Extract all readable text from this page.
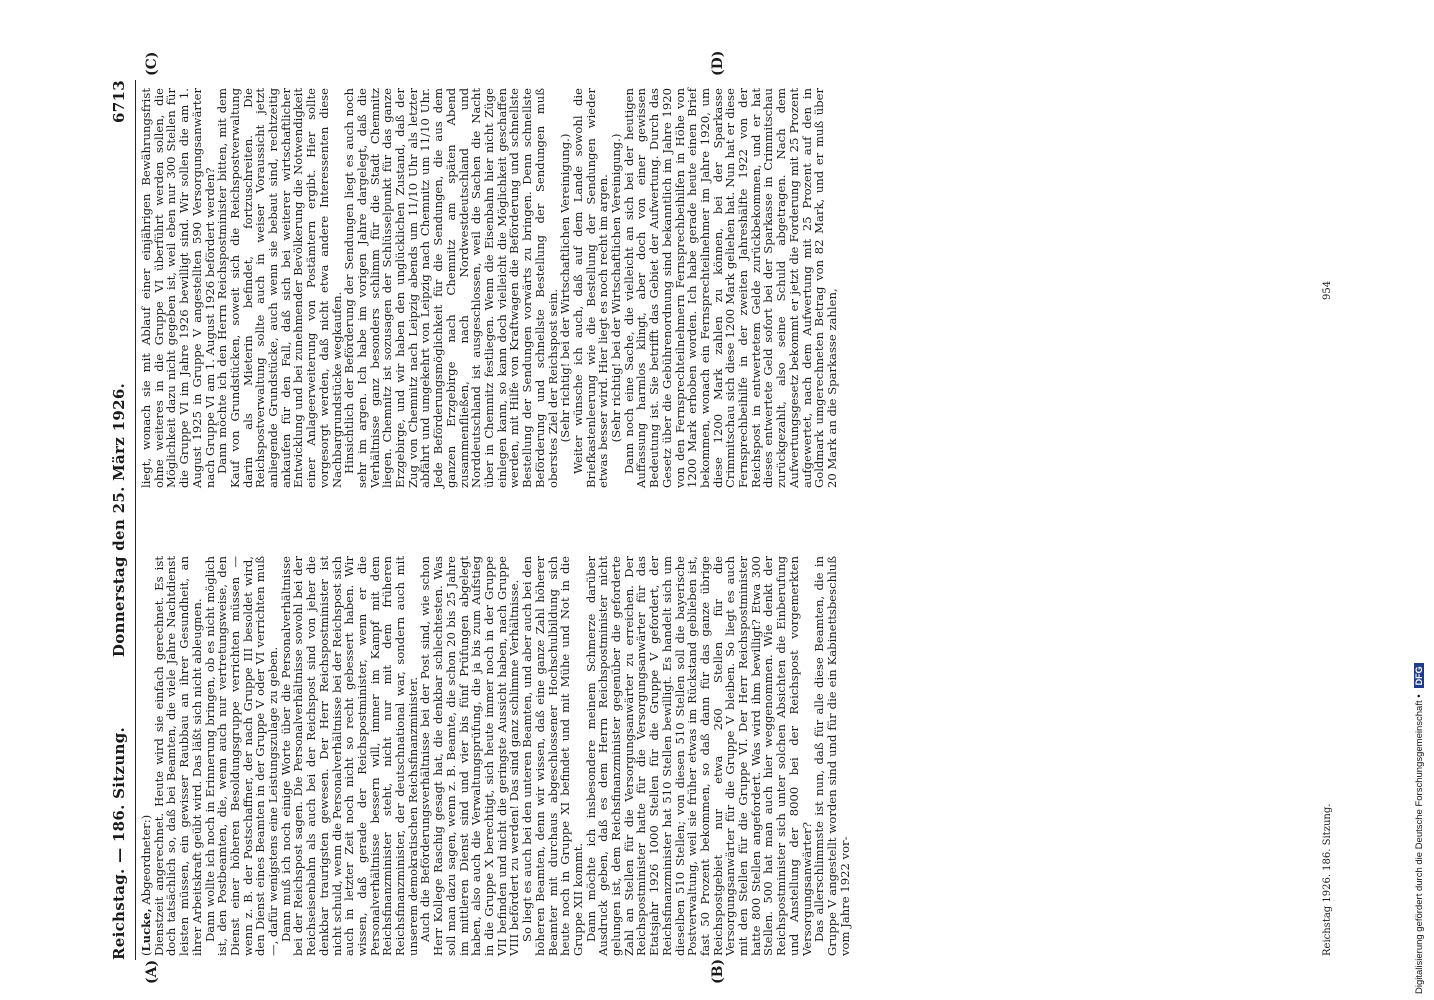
Reichstag. — 186. Sitzung.
Donnerstag den 25. März 1926.
6713
(A)	(B)
(C)	(D)

(Lucke, Abgeordneter:)

Dienstzeit angerechnet. Heute wird sie einfach gerechnet. Es ist doch tatsächlich so, daß bei Beamten, die viele Jahre Nachtdienst leisten müssen, ein gewisser Raubbau an ihrer Gesundheit, an ihrer Arbeitskraft geübt wird. Das läßt sich nicht ableugnen.

Dann wollte ich noch in Erinnerung bringen, ob es nicht möglich ist, den Postbeamten, die, wenn auch nur vertretungsweise, den Dienst einer höheren Besoldungsgruppe verrichten müssen — wenn z. B. der Postschaffner, der nach Gruppe III besoldet wird, den Dienst eines Beamten in der Gruppe V oder VI verrichten muß —, dafür wenigstens eine Leistungszulage zu geben.

Dann muß ich noch einige Worte über die Personalverhältnisse bei der Reichspost sagen. Die Personalverhältnisse sowohl bei der Reichseisenbahn als auch bei der Reichspost sind von jeher die denkbar traurigsten gewesen. Der Herr Reichspostminister ist nicht schuld, wenn die Personalverhältnisse bei der Reichspost sich auch in letzter Zeit noch nicht so recht gebessert haben. Wir wissen, daß gerade der Reichspostminister, wenn er die Personalverhältnisse bessern will, immer im Kampf mit dem Reichsfinanzminister steht, nicht nur mit dem früheren Reichsfinanzminister, der deutschnational war, sondern auch mit unserem demokratischen Reichsfinanzminister.

Auch die Beförderungsverhältnisse bei der Post sind, wie schon Herr Kollege Raschig gesagt hat, die denkbar schlechtesten. Was soll man dazu sagen, wenn z. B. Beamte, die schon 20 bis 25 Jahre im mittleren Dienst sind und vier bis fünf Prüfungen abgelegt haben, also auch die Verwaltungsprüfung, die ja bis zum Aufstieg in die Gruppe X berechtigt, sich heute immer noch in der Gruppe VII befinden und nicht die geringste Aussicht haben, nach Gruppe VIII befördert zu werden! Das sind ganz schlimme Verhältnisse.

So liegt es auch bei den unteren Beamten, und aber auch bei den höheren Beamten, denn wir wissen, daß eine ganze Zahl höherer Beamter mit durchaus abgeschlossener Hochschulbildung sich heute noch in Gruppe XI befindet und mit Mühe und Not in die Gruppe XII kommt.

Dann möchte ich insbesondere meinem Schmerze darüber Ausdruck geben, daß es dem Herrn Reichspostminister nicht gelungen ist, dem Reichsfinanzminister gegenüber die geforderte Zahl an Stellen für die Versorgungsanwärter zu erreichen. Der Reichspostminister hatte für die Versorgungsanwärter für das Etatsjahr 1926 1000 Stellen für die Gruppe V gefordert, der Reichsfinanzminister hat 510 Stellen bewilligt. Es handelt sich um dieselben 510 Stellen; von diesen 510 Stellen soll die bayerische Postverwaltung, weil sie früher etwas im Rückstand geblieben ist, fast 50 Prozent bekommen, so daß dann für das ganze übrige Reichspostgebiet nur etwa 260 Stellen für die Versorgungsanwärter für die Gruppe V bleiben. So liegt es auch mit den Stellen für die Gruppe VI. Der Herr Reichspostminister hatte 800 Stellen angefordert. Was wird ihm bewilligt? Etwa 300 Stellen. 500 hat man auch hier weggenommen. Wie denkt der Reichspostminister sich unter solchen Absichten die Einberufung und Anstellung der 8000 bei der Reichspost vorgemerkten Versorgungsanwärter?

Das allerschlimmste ist nun, daß für alle diese Beamten, die in Gruppe V angestellt worden sind und für die ein Kabinettsbeschluß vom Jahre 1922 vor-

liegt, wonach sie mit Ablauf einer einjährigen Bewährungsfrist ohne weiteres in die Gruppe VI überführt werden sollen, die Möglichkeit dazu nicht gegeben ist, weil eben nur 300 Stellen für die Gruppe VI im Jahre 1926 bewilligt sind. Wir sollen die am 1. August 1925 in Gruppe V angestellten 590 Versorgungsanwärter nach Gruppe VI am 1. August 1926 befördert werden?

Dann möchte ich den Herrn Reichspostminister bitten, mit dem Kauf von Grundstücken, soweit sich die Reichspostverwaltung darin als Mieterin befindet, fortzuschreiten. Die Reichspostverwaltung sollte auch in weiser Voraussicht jetzt anliegende Grundstücke, auch wenn sie bebaut sind, rechtzeitig ankaufen für den Fall, daß sich bei weiterer wirtschaftlicher Entwicklung und bei zunehmender Bevölkerung die Notwendigkeit einer Anlageerweiterung von Postämtern ergibt. Hier sollte vorgesorgt werden, daß nicht etwa andere Interessenten diese Nachbargrundstücke wegkaufen.

Hinsichtlich der Beförderung der Sendungen liegt es auch noch sehr im argen. Ich habe im vorigen Jahre dargelegt, daß die Verhältnisse ganz besonders schlimm für die Stadt Chemnitz liegen. Chemnitz ist sozusagen der Schlüsselpunkt für das ganze Erzgebirge, und wir haben den unglücklichen Zustand, daß der Zug von Chemnitz nach Leipzig abends um 11/10 Uhr als letzter abfährt und umgekehrt von Leipzig nach Chemnitz um 11/10 Uhr. Jede Beförderungsmöglichkeit für die Sendungen, die aus dem ganzen Erzgebirge nach Chemnitz am späten Abend zusammenfließen, nach Nordwestdeutschland und Norddeutschland ist ausgeschlossen, weil die Sachen die Nacht über in Chemnitz festliegen. Wenn die Eisenbahn hier nicht Züge einlegen kann, so kann doch vielleicht die Möglichkeit geschaffen werden, mit Hilfe von Kraftwagen die Beförderung und schnellste Bestellung der Sendungen vorwärts zu bringen. Denn schnellste Beförderung und schnellste Bestellung der Sendungen muß oberstes Ziel der Reichspost sein.

(Sehr richtig! bei der Wirtschaftlichen Vereinigung.)

Weiter wünsche ich auch, daß auf dem Lande sowohl die Briefkastenleerung wie die Bestellung der Sendungen wieder etwas besser wird. Hier liegt es noch recht im argen.

(Sehr richtig! bei der Wirtschaftlichen Vereinigung.)

Dann noch eine Sache, die vielleicht an sich bei der heutigen Auffassung harmlos klingt, aber doch von einer gewissen Bedeutung ist. Sie betrifft das Gebiet der Aufwertung. Durch das Gesetz über die Gebührenordnung sind bekanntlich im Jahre 1920 von den Fernsprechteilnehmern Fernsprechbeihilfen in Höhe von 1200 Mark erhoben worden. Ich habe gerade heute einen Brief bekommen, wonach ein Fernsprechteilnehmer im Jahre 1920, um diese 1200 Mark zahlen zu können, bei der Sparkasse Crimmitschau sich diese 1200 Mark geliehen hat. Nun hat er diese Fernsprechbeihilfe in der zweiten Jahreshälfte 1922 von der Reichspost in entwertetem Gelde zurückbekommen, und er hat dieses entwertete Geld sofort bei der Sparkasse in Crimmitschau zurückgezahlt, also seine Schuld abgetragen. Nach dem Aufwertungsgesetz bekommt er jetzt die Forderung mit 25 Prozent aufgewertet, nach dem Aufwertung mit 25 Prozent auf den in Goldmark umgerechneten Betrag von 82 Mark, und er muß über 20 Mark an die Sparkasse zahlen,

Reichstag 1926. 186. Sitzung.
954
Digitalisierung gefördert durch die Deutsche Forschungsgemeinschaft •DFG
